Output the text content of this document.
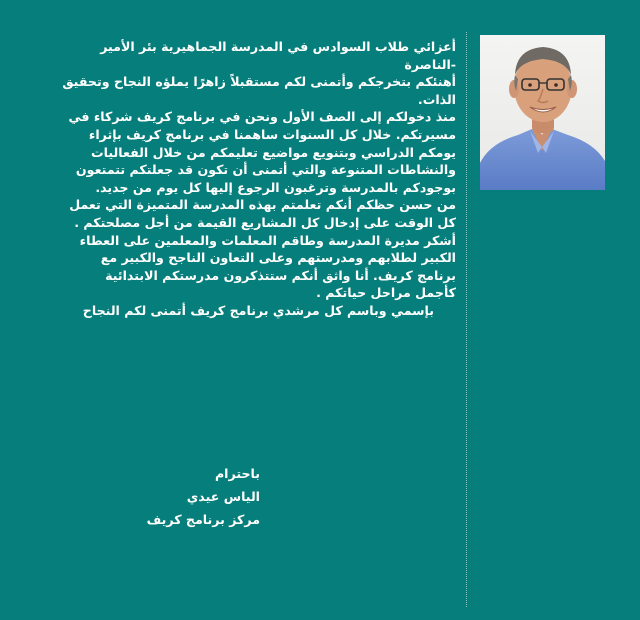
أعزائي طلاب السوادس في المدرسة الجماهيرية بئر الأمير -الناصرة

أهنئكم بتخرجكم وأتمنى لكم مستقبلاً زاهرًا يملؤه النجاح وتحقيق الذات.

منذ دخولكم إلى الصف الأول ونحن في برنامج كريف شركاء في مسيرتكم. خلال كل السنوات ساهمنا في برنامج كريف بإثراء يومكم الدراسي وبتنويع مواضيع تعليمكم من خلال الفعاليات والنشاطات المتنوعة والتي أتمنى أن تكون قد جعلتكم تتمتعون بوجودكم بالمدرسة وترغبون الرجوع إليها كل يوم من جديد.

من حسن حظكم أنكم تعلمتم بهذه المدرسة المتميزة التي تعمل كل الوقت على إدخال كل المشاريع القيمة من أجل مصلحتكم .

أشكر مديرة المدرسة وطاقم المعلمات والمعلمين على العطاء الكبير لطلابهم ومدرستهم وعلى التعاون الناجح والكبير مع برنامج كريف. أنا واثق أنكم ستتذكرون مدرستكم الابتدائية كأجمل مراحل حياتكم .

بإسمي وباسم كل مرشدي برنامج كريف أتمنى لكم النجاح

باحترام
الياس عيدي
مركز برنامج كريف
